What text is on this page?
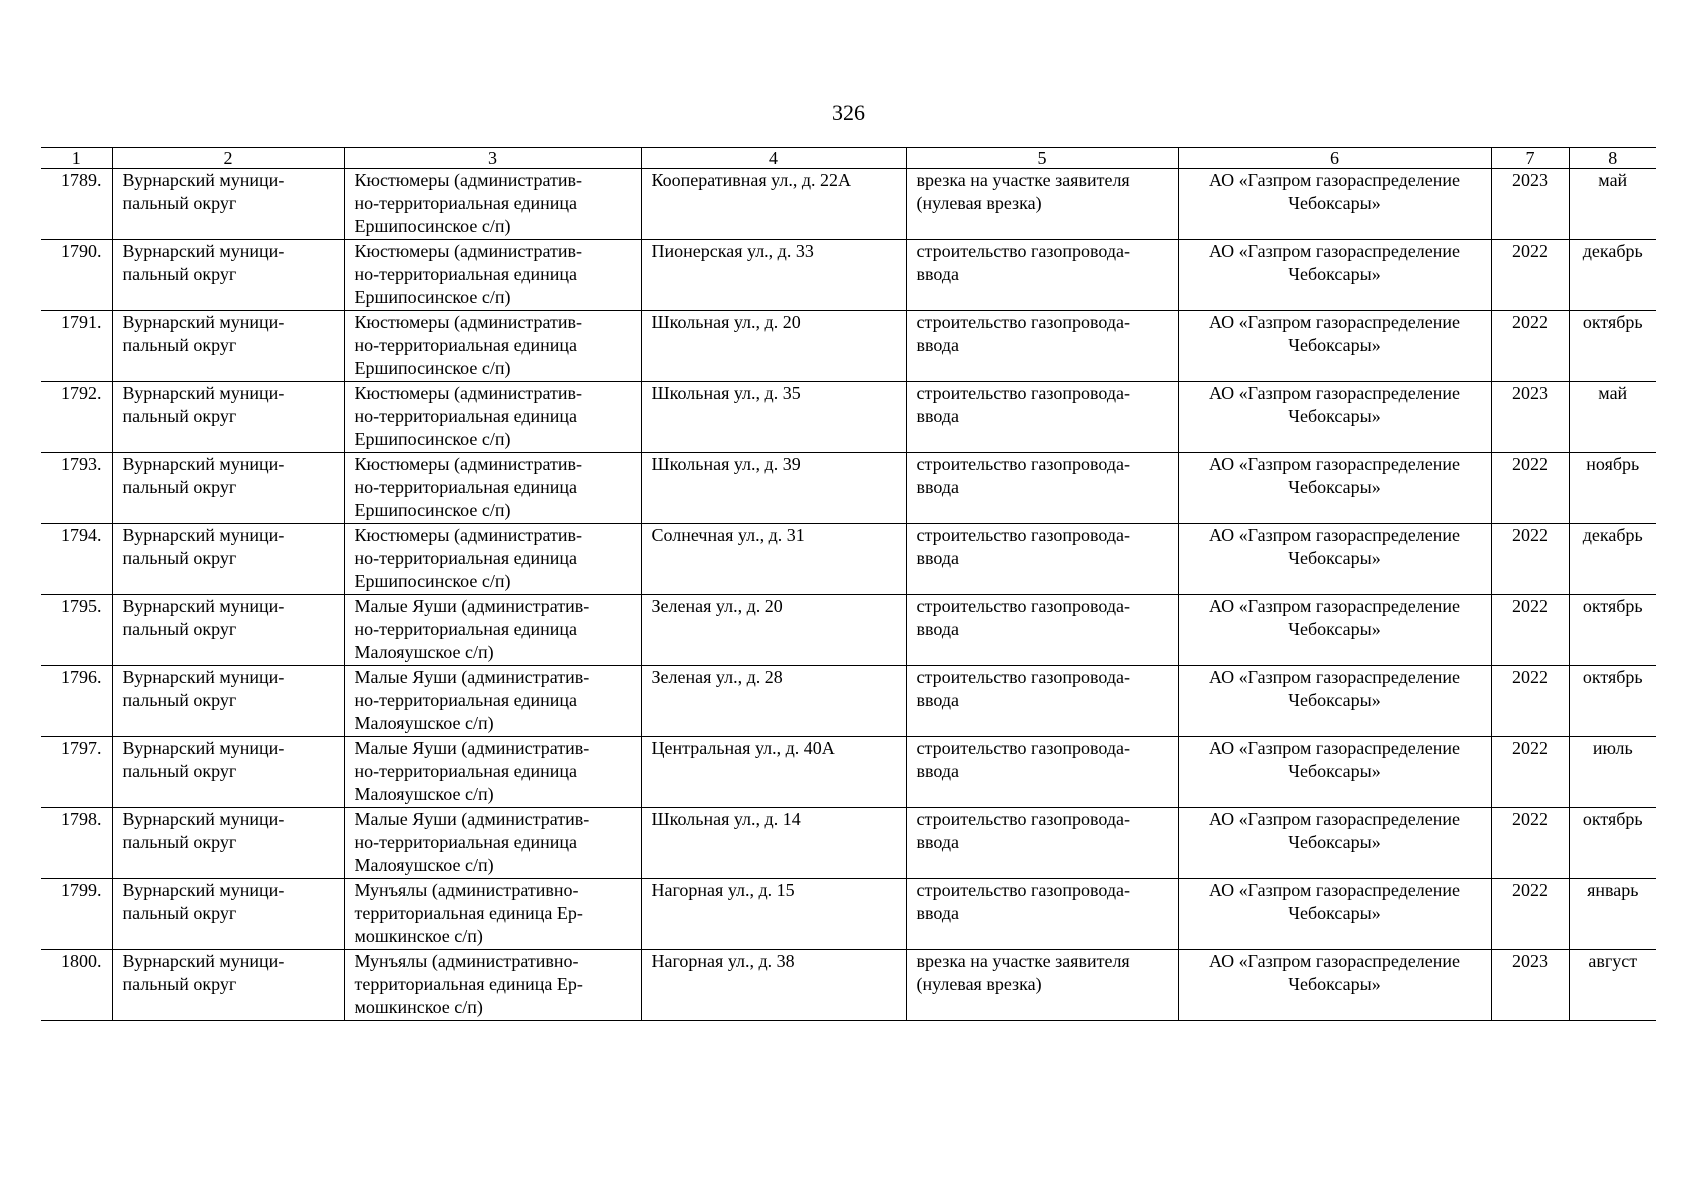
326
1	2	3	4	5	6	7	8

1789.	Вурнарский муници-
пальный округ	Кюстюмеры (административ-
но-территориальная единица
Ершипосинское с/п)	Кооперативная ул., д. 22А	врезка на участке заявителя
(нулевая врезка)	АО «Газпром газораспределение
Чебоксары»	2023	май

1790.	Вурнарский муници-
пальный округ	Кюстюмеры (административ-
но-территориальная единица
Ершипосинское с/п)	Пионерская ул., д. 33	строительство газопровода-
ввода	АО «Газпром газораспределение
Чебоксары»	2022	декабрь

1791.	Вурнарский муници-
пальный округ	Кюстюмеры (административ-
но-территориальная единица
Ершипосинское с/п)	Школьная ул., д. 20	строительство газопровода-
ввода	АО «Газпром газораспределение
Чебоксары»	2022	октябрь

1792.	Вурнарский муници-
пальный округ	Кюстюмеры (административ-
но-территориальная единица
Ершипосинское с/п)	Школьная ул., д. 35	строительство газопровода-
ввода	АО «Газпром газораспределение
Чебоксары»	2023	май

1793.	Вурнарский муници-
пальный округ	Кюстюмеры (административ-
но-территориальная единица
Ершипосинское с/п)	Школьная ул., д. 39	строительство газопровода-
ввода	АО «Газпром газораспределение
Чебоксары»	2022	ноябрь

1794.	Вурнарский муници-
пальный округ	Кюстюмеры (административ-
но-территориальная единица
Ершипосинское с/п)	Солнечная ул., д. 31	строительство газопровода-
ввода	АО «Газпром газораспределение
Чебоксары»	2022	декабрь

1795.	Вурнарский муници-
пальный округ	Малые Яуши (административ-
но-территориальная единица
Малояушское с/п)	Зеленая ул., д. 20	строительство газопровода-
ввода	АО «Газпром газораспределение
Чебоксары»	2022	октябрь

1796.	Вурнарский муници-
пальный округ	Малые Яуши (административ-
но-территориальная единица
Малояушское с/п)	Зеленая ул., д. 28	строительство газопровода-
ввода	АО «Газпром газораспределение
Чебоксары»	2022	октябрь

1797.	Вурнарский муници-
пальный округ	Малые Яуши (административ-
но-территориальная единица
Малояушское с/п)	Центральная ул., д. 40А	строительство газопровода-
ввода	АО «Газпром газораспределение
Чебоксары»	2022	июль

1798.	Вурнарский муници-
пальный округ	Малые Яуши (административ-
но-территориальная единица
Малояушское с/п)	Школьная ул., д. 14	строительство газопровода-
ввода	АО «Газпром газораспределение
Чебоксары»	2022	октябрь

1799.	Вурнарский муници-
пальный округ	Мунъялы (административно-
территориальная единица Ер-
мошкинское с/п)	Нагорная ул., д. 15	строительство газопровода-
ввода	АО «Газпром газораспределение
Чебоксары»	2022	январь

1800.	Вурнарский муници-
пальный округ	Мунъялы (административно-
территориальная единица Ер-
мошкинское с/п)	Нагорная ул., д. 38	врезка на участке заявителя
(нулевая врезка)	АО «Газпром газораспределение
Чебоксары»	2023	август
